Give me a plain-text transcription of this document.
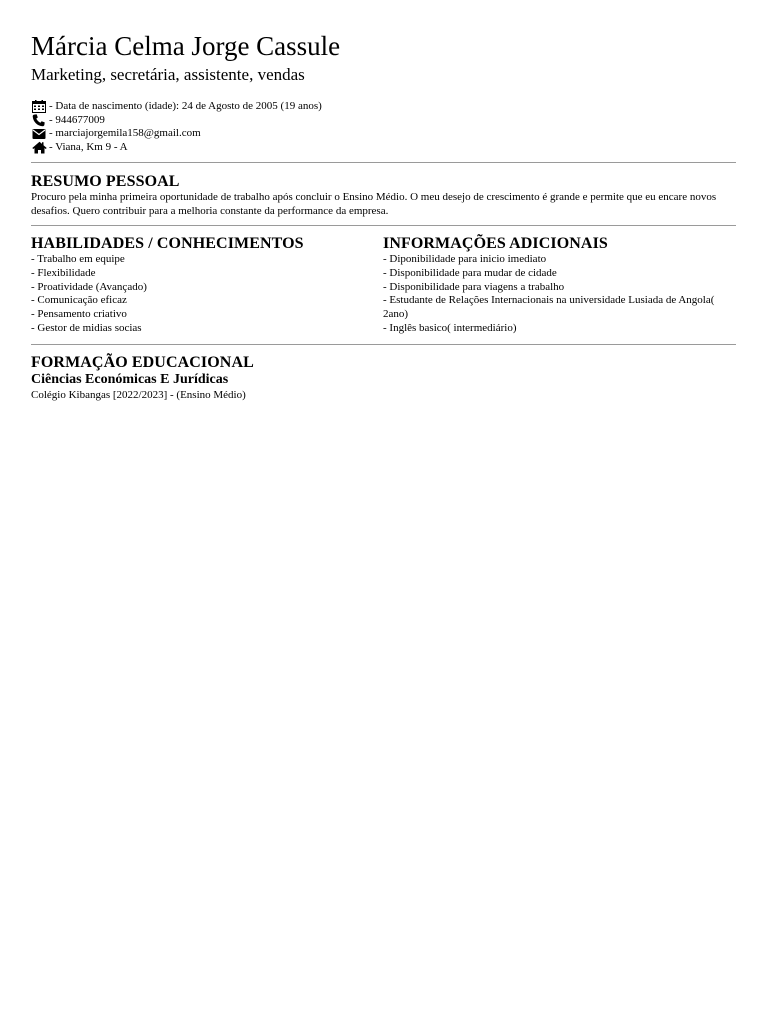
Márcia Celma Jorge Cassule
Marketing, secretária, assistente, vendas
- Data de nascimento (idade): 24 de Agosto de 2005 (19 anos)
- 944677009
- marciajorgemila158@gmail.com
- Viana, Km 9 - A
RESUMO PESSOAL
Procuro pela minha primeira oportunidade de trabalho após concluir o Ensino Médio. O meu desejo de crescimento é grande e permite que eu encare novos desafios. Quero contribuir para a melhoria constante da performance da empresa.
HABILIDADES / CONHECIMENTOS
- Trabalho em equipe
- Flexibilidade
- Proatividade (Avançado)
- Comunicação eficaz
- Pensamento criativo
- Gestor de midias socias
INFORMAÇÕES ADICIONAIS
- Diponibilidade para inicio imediato
- Disponibilidade para mudar de cidade
- Disponibilidade para viagens a trabalho
- Estudante de Relações Internacionais na universidade Lusiada de Angola( 2ano)
- Inglês basico( intermediário)
FORMAÇÃO EDUCACIONAL
Ciências Económicas E Jurídicas
Colégio Kibangas [2022/2023] - (Ensino Médio)
